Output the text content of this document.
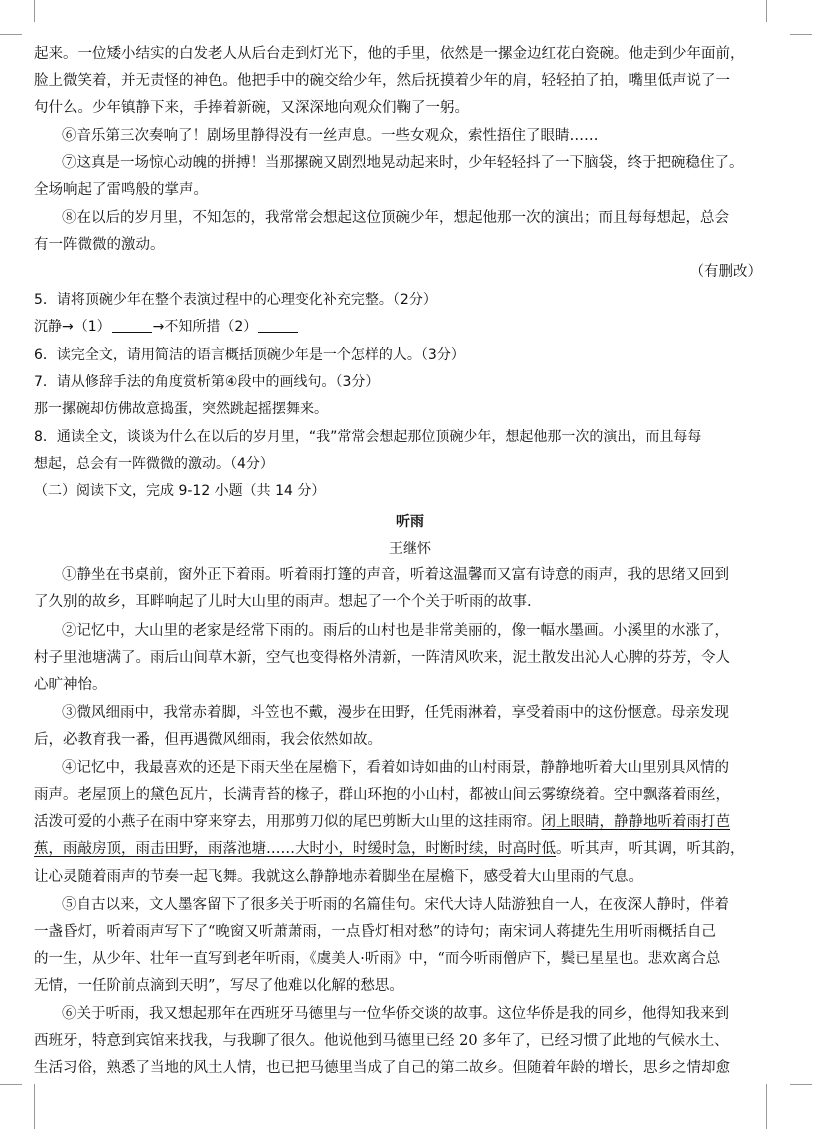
起来。一位矮小结实的白发老人从后台走到灯光下，他的手里，依然是一摞金边红花白瓷碗。他走到少年面前，
脸上微笑着，并无责怪的神色。他把手中的碗交给少年，然后抚摸着少年的肩，轻轻拍了拍，嘴里低声说了一
句什么。少年镇静下来，手捧着新碗，又深深地向观众们鞠了一躬。
⑥音乐第三次奏响了！剧场里静得没有一丝声息。一些女观众，索性捂住了眼睛……
⑦这真是一场惊心动魄的拼搏！当那摞碗又剧烈地晃动起来时，少年轻轻抖了一下脑袋，终于把碗稳住了。
全场响起了雷鸣般的掌声。
⑧在以后的岁月里，不知怎的，我常常会想起这位顶碗少年，想起他那一次的演出；而且每每想起，总会
有一阵微微的激动。
（有删改）
5．请将顶碗少年在整个表演过程中的心理变化补充完整。（2分）
沉静→（1）	→不知所措（2）
6．读完全文，请用简洁的语言概括顶碗少年是一个怎样的人。（3分）
7．请从修辞手法的角度赏析第④段中的画线句。（3分）
那一摞碗却仿佛故意捣蛋，突然跳起摇摆舞来。
8．通读全文，谈谈为什么在以后的岁月里，“我”常常会想起那位顶碗少年，想起他那一次的演出，而且每每
想起，总会有一阵微微的激动。（4分）
（二）阅读下文，完成 9-12 小题（共 14 分）
听雨
王继怀
①静坐在书桌前，窗外正下着雨。听着雨打篷的声音，听着这温馨而又富有诗意的雨声，我的思绪又回到
了久别的故乡，耳畔响起了儿时大山里的雨声。想起了一个个关于听雨的故事.
②记忆中，大山里的老家是经常下雨的。雨后的山村也是非常美丽的，像一幅水墨画。小溪里的水涨了，
村子里池塘满了。雨后山间草木新，空气也变得格外清新，一阵清风吹来，泥土散发出沁人心脾的芬芳，令人
心旷神怡。
③微风细雨中，我常赤着脚，斗笠也不戴，漫步在田野，任凭雨淋着，享受着雨中的这份惬意。母亲发现
后，必教育我一番，但再遇微风细雨，我会依然如故。
④记忆中，我最喜欢的还是下雨天坐在屋檐下，看着如诗如曲的山村雨景，静静地听着大山里别具风情的
雨声。老屋顶上的黛色瓦片，长满青苔的椽子，群山环抱的小山村，都被山间云雾缭绕着。空中飘落着雨丝，
活泼可爱的小燕子在雨中穿来穿去，用那剪刀似的尾巴剪断大山里的这挂雨帘。闭上眼睛，静静地听着雨打芭
蕉，雨敲房顶，雨击田野，雨落池塘……大时小，时缓时急，时断时续，时高时低。听其声，听其调，听其韵，
让心灵随着雨声的节奏一起飞舞。我就这么静静地赤着脚坐在屋檐下，感受着大山里雨的气息。
⑤自古以来，文人墨客留下了很多关于听雨的名篇佳句。宋代大诗人陆游独自一人，在夜深人静时，伴着
一盏昏灯，听着雨声写下了“晚窗又听萧萧雨，一点昏灯相对愁”的诗句；南宋词人蒋捷先生用听雨概括自己
的一生，从少年、壮年一直写到老年听雨，《虞美人·听雨》中，“而今听雨僧庐下，鬓已星星也。悲欢离合总
无情，一任阶前点滴到天明”，写尽了他难以化解的愁思。
⑥关于听雨，我又想起那年在西班牙马德里与一位华侨交谈的故事。这位华侨是我的同乡，他得知我来到
西班牙，特意到宾馆来找我，与我聊了很久。他说他到马德里已经 20 多年了，已经习惯了此地的气候水土、
生活习俗，熟悉了当地的风土人情，也已把马德里当成了自己的第二故乡。但随着年龄的增长，思乡之情却愈
